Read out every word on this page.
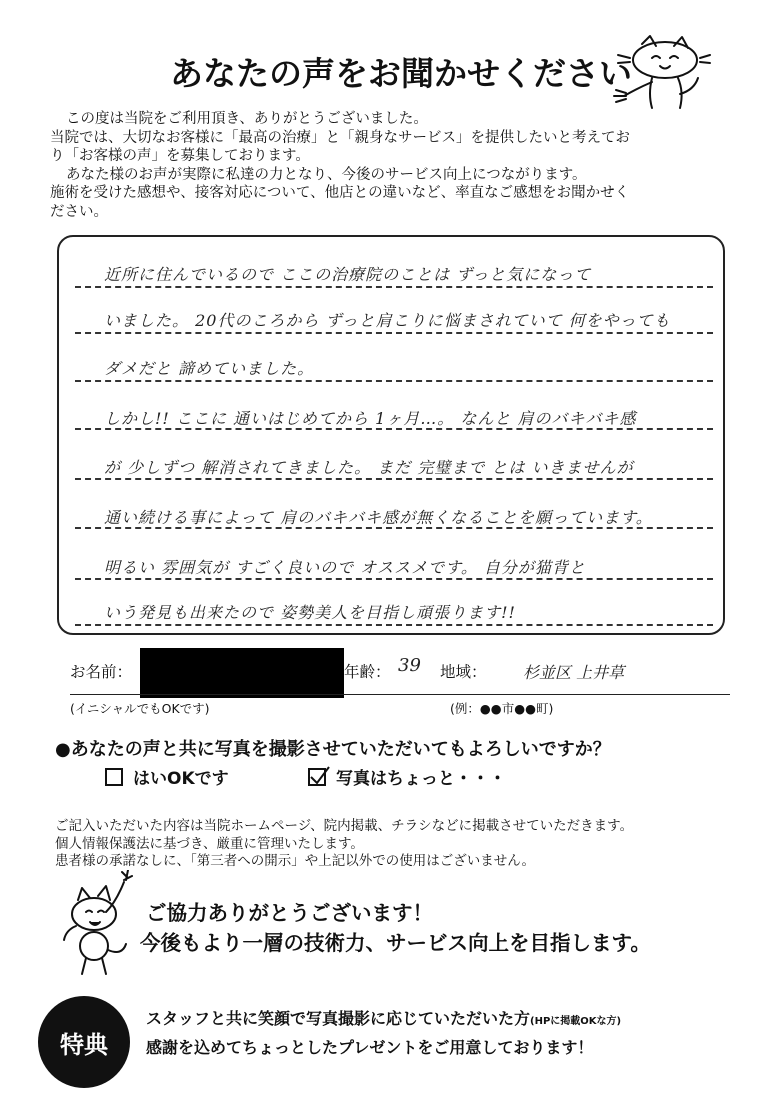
あなたの声をお聞かせください

この度は当院をご利用頂き、ありがとうございました。

当院では、大切なお客様に「最高の治療」と「親身なサービス」を提供したいと考えてお

り「お客様の声」を募集しております。

あなた様のお声が実際に私達の力となり、今後のサービス向上につながります。

施術を受けた感想や、接客対応について、他店との違いなど、率直なご感想をお聞かせく

ださい。

近所に住んでいるので ここの治療院のことは ずっと気になって
いました。 20代のころから ずっと肩こりに悩まされていて 何をやっても
ダメだと 諦めていました。
しかし!! ここに 通いはじめてから 1ヶ月…。 なんと 肩のバキバキ感
が 少しずつ 解消されてきました。 まだ 完璧まで とは いきませんが
通い続ける事によって 肩のバキバキ感が無くなることを願っています。
明るい 雰囲気が すごく良いので オススメです。 自分が猫背と
いう発見も出来たので 姿勢美人を目指し頑張ります!!
お名前：	年齢： 39 地域： 杉並区 上井草
(イニシャルでもOKです)	(例：●●市●●町)
●あなたの声と共に写真を撮影させていただいてもよろしいですか？
はいOKです	写真はちょっと・・・

ご記入いただいた内容は当院ホームページ、院内掲載、チラシなどに掲載させていただきます。

個人情報保護法に基づき、厳重に管理いたします。

患者様の承諾なしに、「第三者への開示」や上記以外での使用はございません。

ご協力ありがとうございます！
今後もより一層の技術力、サービス向上を目指します。
特典
スタッフと共に笑顔で写真撮影に応じていただいた方(HPに掲載OKな方)
感謝を込めてちょっとしたプレゼントをご用意しております！
